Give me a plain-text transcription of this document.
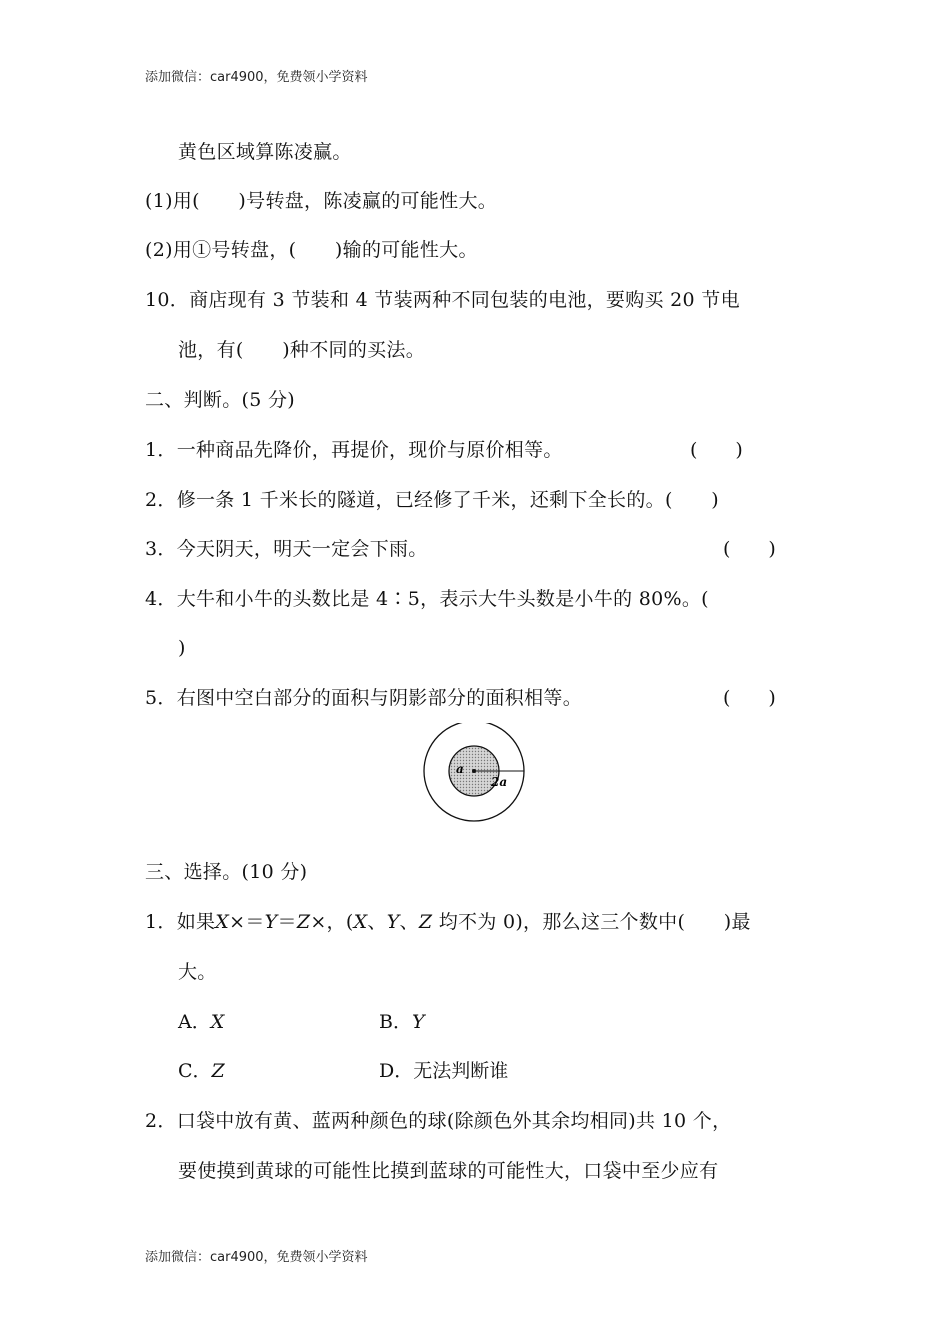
添加微信：car4900，免费领小学资料
黄色区域算陈凌赢。
(1)用(　　)号转盘，陈凌赢的可能性大。
(2)用①号转盘，(　　)输的可能性大。
10．商店现有 3 节装和 4 节装两种不同包装的电池，要购买 20 节电
池，有(　　)种不同的买法。
二、判断。(5 分)
1．一种商品先降价，再提价，现价与原价相等。	(　　)
2．修一条 1 千米长的隧道，已经修了千米，还剩下全长的。(　　)
3．今天阴天，明天一定会下雨。	(　　)
4．大牛和小牛的头数比是 4∶5，表示大牛头数是小牛的 80%。(
)
5．右图中空白部分的面积与阴影部分的面积相等。	(　　)
a
2a
三、选择。(10 分)
1．如果X×＝Y＝Z×，(X、Y、Z 均不为 0)，那么这三个数中(　　)最
大。
A．X	B．Y
C．Z	D．无法判断谁
2．口袋中放有黄、蓝两种颜色的球(除颜色外其余均相同)共 10 个，
要使摸到黄球的可能性比摸到蓝球的可能性大，口袋中至少应有
添加微信：car4900，免费领小学资料
